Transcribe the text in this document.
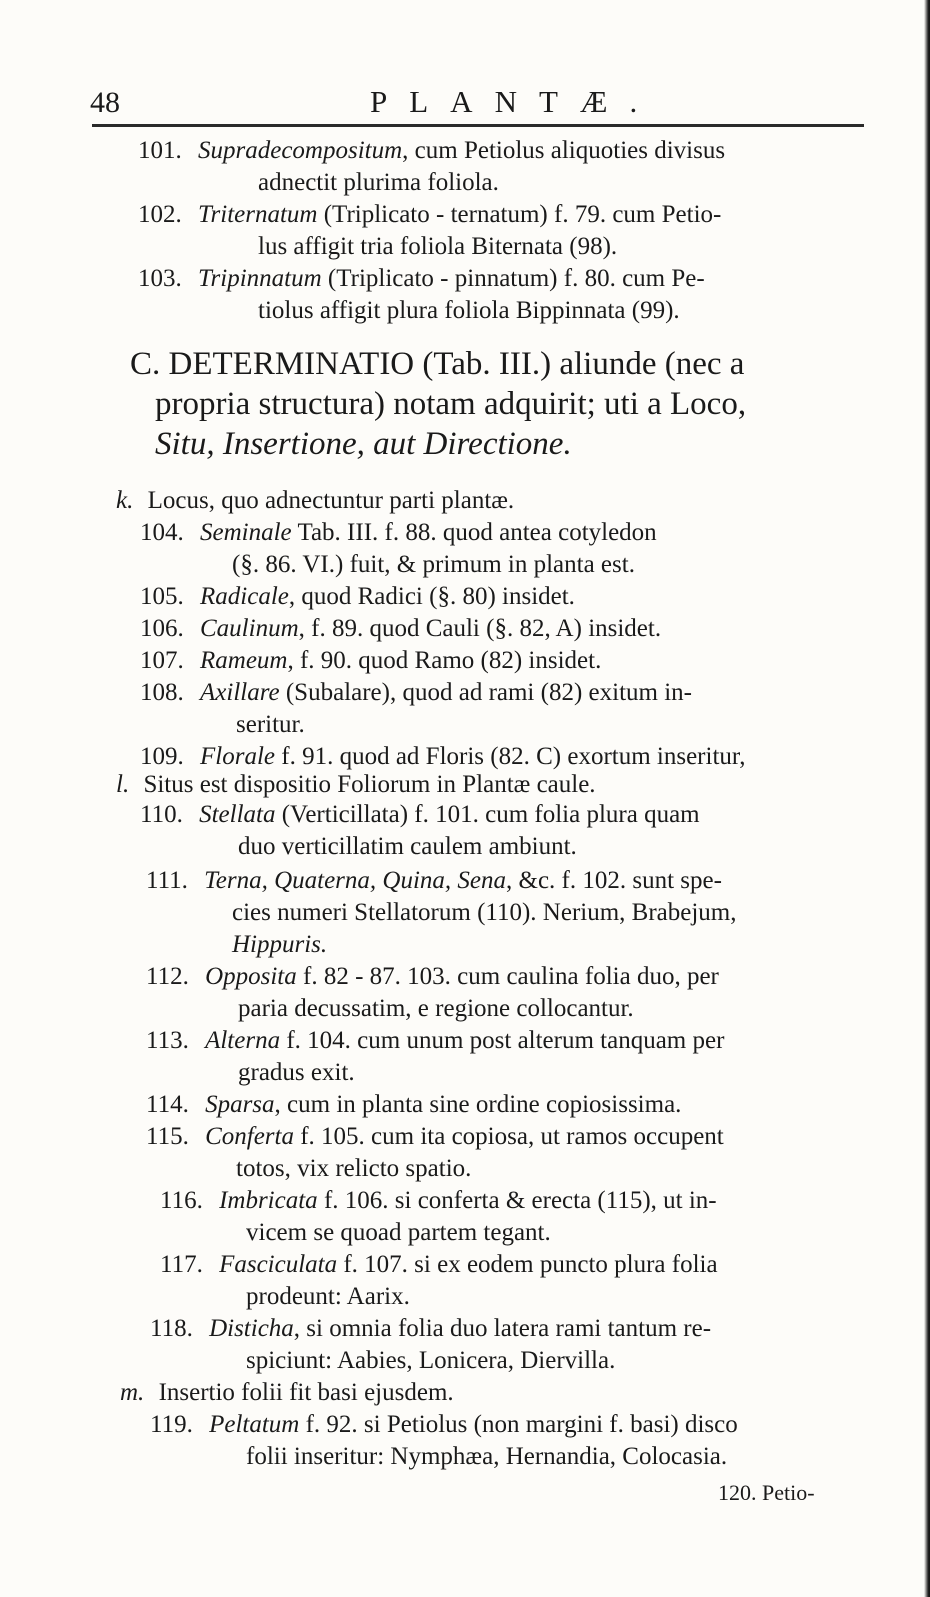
48	PLANTÆ.
101. Supradecompositum, cum Petiolus aliquoties divisus
adnectit plurima foliola.
102. Triternatum (Triplicato - ternatum) f. 79. cum Petio-
lus affigit tria foliola Biternata (98).
103. Tripinnatum (Triplicato - pinnatum) f. 80. cum Pe-
tiolus affigit plura foliola Bippinnata (99).
C. DETERMINATIO (Tab. III.) aliunde (nec a
propria structura) notam adquirit; uti a Loco,
Situ, Insertione, aut Directione.
k. Locus, quo adnectuntur parti plantæ.
104. Seminale Tab. III. f. 88. quod antea cotyledon
(§. 86. VI.) fuit, & primum in planta est.
105. Radicale, quod Radici (§. 80) insidet.
106. Caulinum, f. 89. quod Cauli (§. 82, A) insidet.
107. Rameum, f. 90. quod Ramo (82) insidet.
108. Axillare (Subalare), quod ad rami (82) exitum in-
seritur.
109. Florale f. 91. quod ad Floris (82. C) exortum inseritur,
l. Situs est dispositio Foliorum in Plantæ caule.
110. Stellata (Verticillata) f. 101. cum folia plura quam
duo verticillatim caulem ambiunt.
111. Terna, Quaterna, Quina, Sena, &c. f. 102. sunt spe-
cies numeri Stellatorum (110). Nerium, Brabejum,
Hippuris.
112. Opposita f. 82 - 87. 103. cum caulina folia duo, per
paria decussatim, e regione collocantur.
113. Alterna f. 104. cum unum post alterum tanquam per
gradus exit.
114. Sparsa, cum in planta sine ordine copiosissima.
115. Conferta f. 105. cum ita copiosa, ut ramos occupent
totos, vix relicto spatio.
116. Imbricata f. 106. si conferta & erecta (115), ut in-
vicem se quoad partem tegant.
117. Fasciculata f. 107. si ex eodem puncto plura folia
prodeunt: Aarix.
118. Disticha, si omnia folia duo latera rami tantum re-
spiciunt: Aabies, Lonicera, Diervilla.
m. Insertio folii fit basi ejusdem.
119. Peltatum f. 92. si Petiolus (non margini f. basi) disco
folii inseritur: Nymphæa, Hernandia, Colocasia.
120. Petio-
